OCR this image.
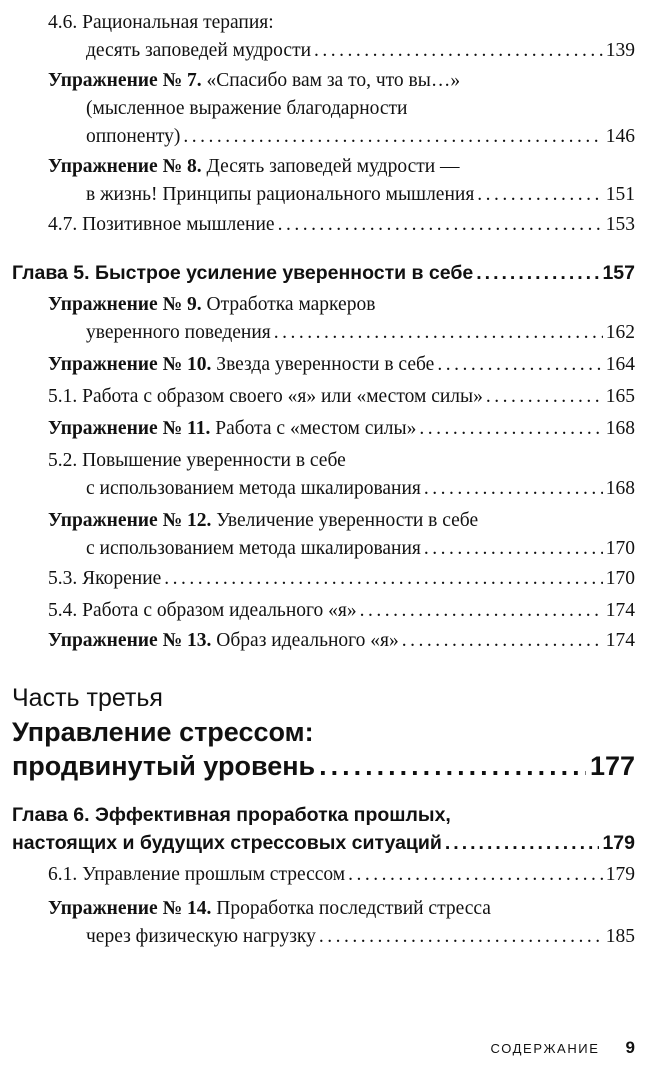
4.6. Рациональная терапия:
десять заповедей мудрости .....	139
Упражнение № 7.
«Спасибо вам за то, что вы…»
(мысленное выражение благодарности
оппоненту) .....	146
Упражнение № 8.
Десять заповедей мудрости —
в жизнь! Принципы рационального мышления .....	151
4.7. Позитивное мышление .....	153
Глава 5. Быстрое усиление уверенности в себе .....	157
Упражнение № 9.
Отработка маркеров
уверенного поведения .....	162
Упражнение № 10.
Звезда уверенности в себе .....	164
5.1. Работа с образом своего «я» или «местом силы» .....	165
Упражнение № 11.
Работа с «местом силы» .....	168
5.2. Повышение уверенности в себе
с использованием метода шкалирования .....	168
Упражнение № 12.
Увеличение уверенности в себе
с использованием метода шкалирования .....	170
5.3. Якорение .....	170
5.4. Работа с образом идеального «я» .....	174
Упражнение № 13.
Образ идеального «я» .....	174
Часть третья
Управление стрессом:
продвинутый уровень .....	177
Глава 6. Эффективная проработка прошлых,
настоящих и будущих стрессовых ситуаций .....	179
6.1. Управление прошлым стрессом .....	179
Упражнение № 14.
Проработка последствий стресса
через физическую нагрузку .....	185
СОДЕРЖАНИЕ 9
